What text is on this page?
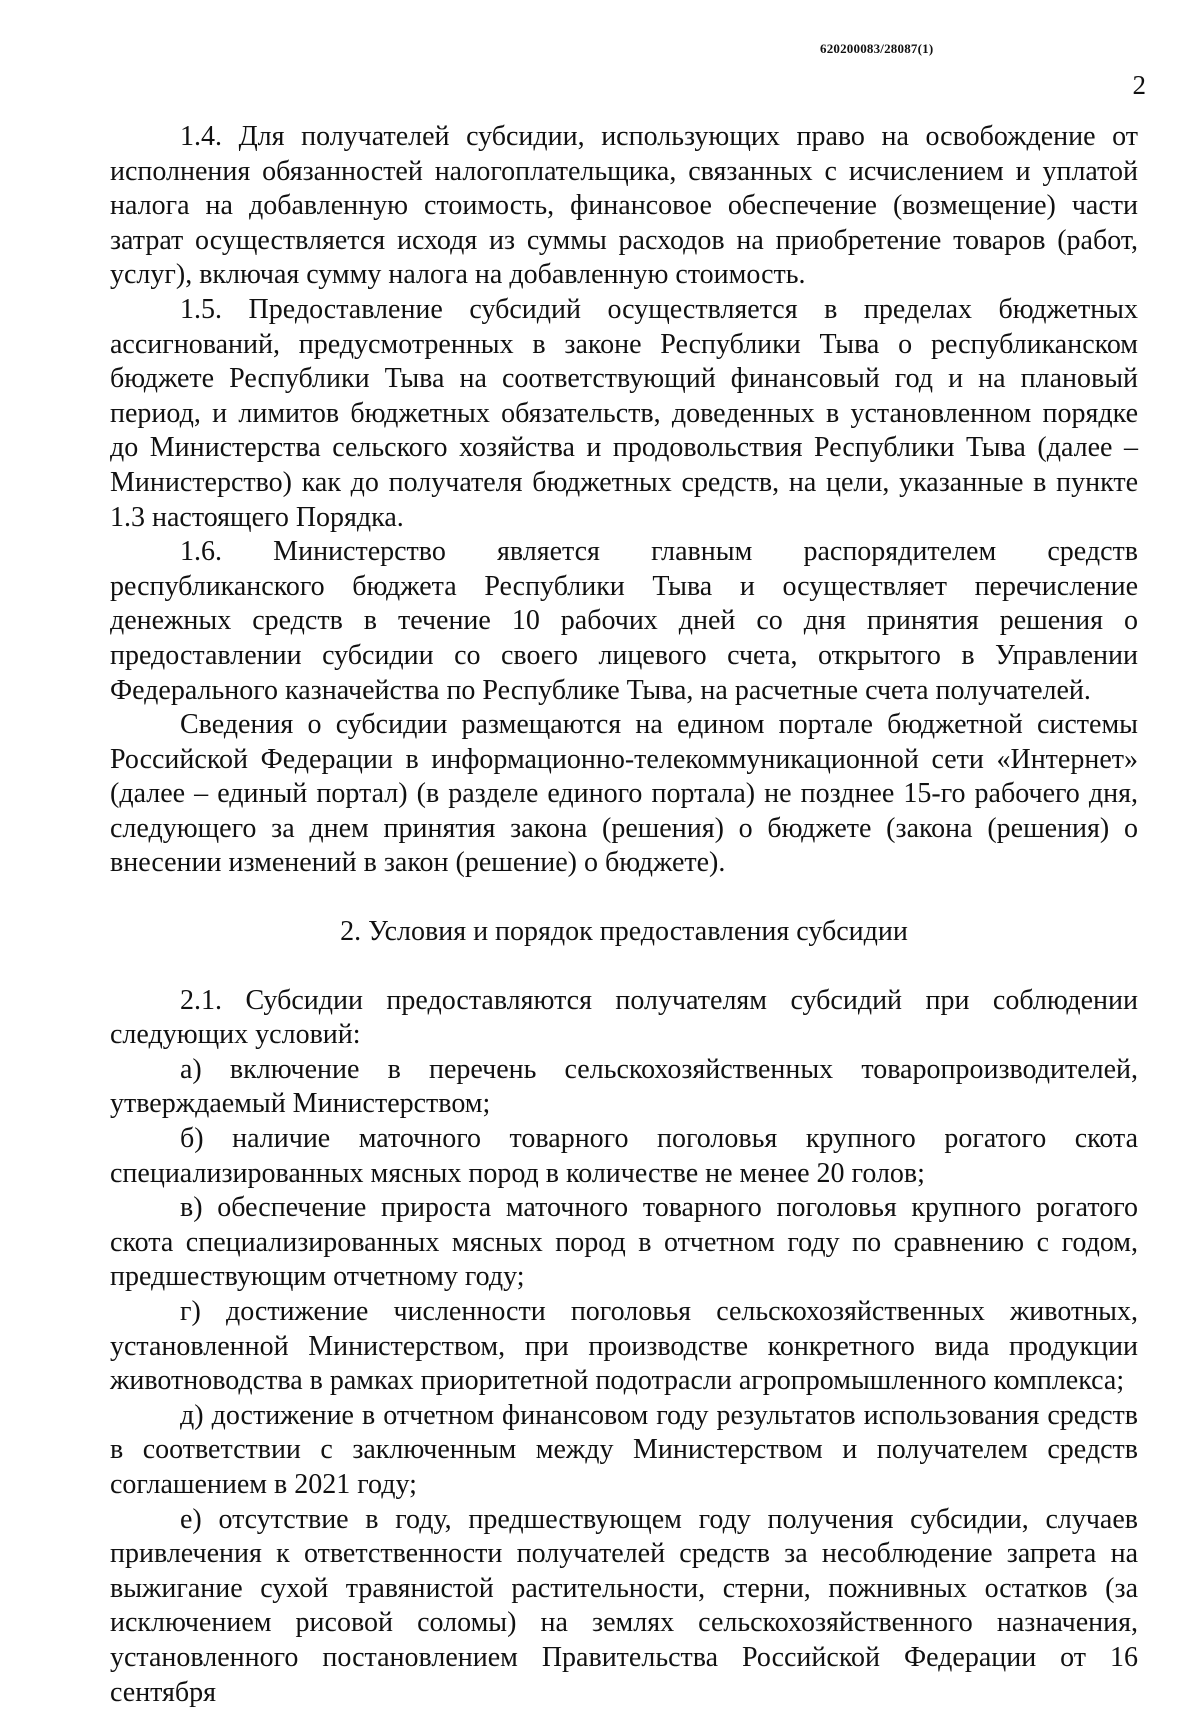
620200083/28087(1)
2

1.4. Для получателей субсидии, использующих право на освобождение от исполнения обязанностей налогоплательщика, связанных с исчислением и уплатой налога на добавленную стоимость, финансовое обеспечение (возмещение) части затрат осуществляется исходя из суммы расходов на приобретение товаров (работ, услуг), включая сумму налога на добавленную стоимость.

1.5. Предоставление субсидий осуществляется в пределах бюджетных ассигнований, предусмотренных в законе Республики Тыва о республиканском бюджете Республики Тыва на соответствующий финансовый год и на плановый период, и лимитов бюджетных обязательств, доведенных в установленном порядке до Министерства сельского хозяйства и продовольствия Республики Тыва (далее – Министерство) как до получателя бюджетных средств, на цели, указанные в пункте 1.3 настоящего Порядка.

1.6. Министерство является главным распорядителем средств республиканского бюджета Республики Тыва и осуществляет перечисление денежных средств в течение 10 рабочих дней со дня принятия решения о предоставлении субсидии со своего лицевого счета, открытого в Управлении Федерального казначейства по Республике Тыва, на расчетные счета получателей.

Сведения о субсидии размещаются на едином портале бюджетной системы Российской Федерации в информационно-телекоммуникационной сети «Интернет» (далее – единый портал) (в разделе единого портала) не позднее 15-го рабочего дня, следующего за днем принятия закона (решения) о бюджете (закона (решения) о внесении изменений в закон (решение) о бюджете).

2. Условия и порядок предоставления субсидии

2.1. Субсидии предоставляются получателям субсидий при соблюдении следующих условий:

а) включение в перечень сельскохозяйственных товаропроизводителей, утверждаемый Министерством;

б) наличие маточного товарного поголовья крупного рогатого скота специализированных мясных пород в количестве не менее 20 голов;

в) обеспечение прироста маточного товарного поголовья крупного рогатого скота специализированных мясных пород в отчетном году по сравнению с годом, предшествующим отчетному году;

г) достижение численности поголовья сельскохозяйственных животных, установленной Министерством, при производстве конкретного вида продукции животноводства в рамках приоритетной подотрасли агропромышленного комплекса;

д) достижение в отчетном финансовом году результатов использования средств в соответствии с заключенным между Министерством и получателем средств соглашением в 2021 году;

е) отсутствие в году, предшествующем году получения субсидии, случаев привлечения к ответственности получателей средств за несоблюдение запрета на выжигание сухой травянистой растительности, стерни, пожнивных остатков (за исключением рисовой соломы) на землях сельскохозяйственного назначения, установленного постановлением Правительства Российской Федерации от 16 сентября
